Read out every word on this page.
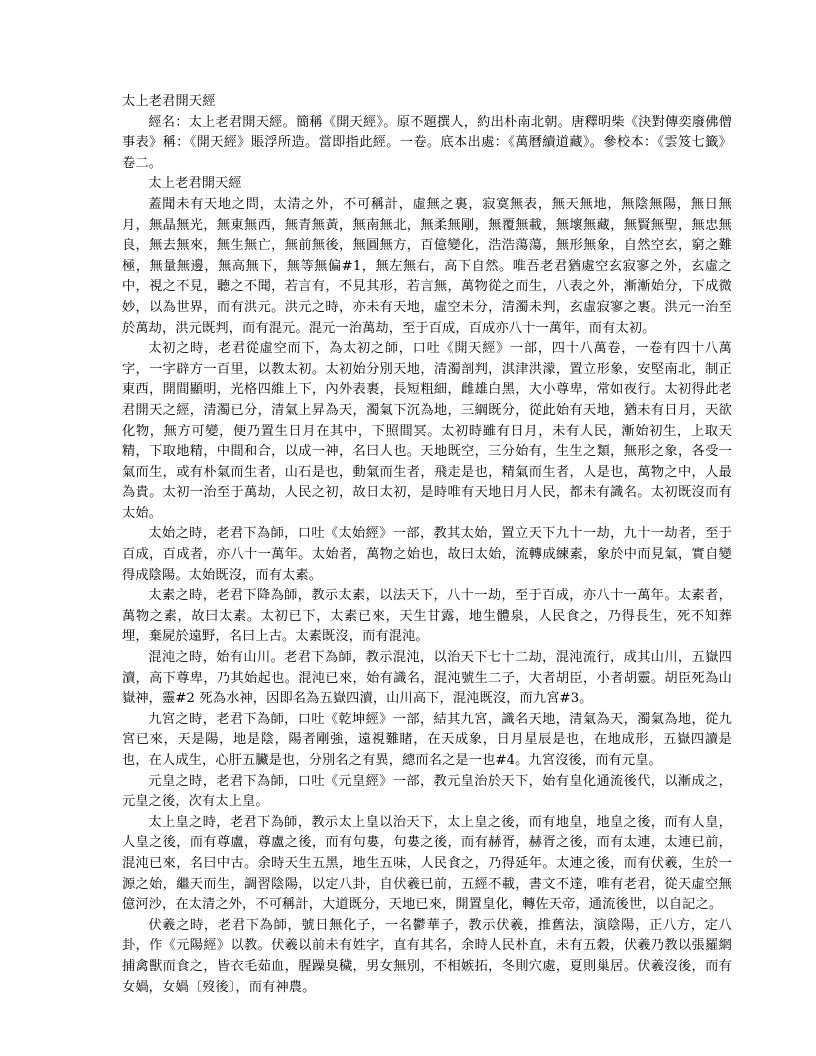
太上老君開天經

經名：太上老君開天經。簡稱《開天經》。原不題撰人，約出朴南北朝。唐釋明柴《決對傳奕廢佛僧事表》稱：《開天經》賬浮所造。當即指此經。一卷。底本出處：《萬曆續道藏》。參校本：《雲笈七籤》卷二。

太上老君開天經

蓋聞未有天地之問，太清之外，不可稱計，虛無之裏，寂寞無表，無天無地，無陰無陽，無日無月，無晶無光，無東無西，無青無黃，無南無北，無柔無剛，無覆無載，無壞無藏，無賢無聖，無忠無良，無去無來，無生無亡，無前無後，無圓無方，百億變化，浩浩蕩蕩，無形無象，自然空玄，窮之難極，無量無邊，無高無下，無等無偏#1，無左無右，高下自然。唯吾老君猶處空玄寂寥之外，玄虛之中，視之不見，聽之不聞，若言有，不見其形，若言無，萬物從之而生，八表之外，漸漸始分，下成微妙，以為世界，而有洪元。洪元之時，亦未有天地，虛空未分，清濁未判，玄虛寂寥之裹。洪元一治至於萬劫，洪元既判，而有混元。混元一治萬劫，至于百成，百成亦八十一萬年，而有太初。

太初之時，老君從虛空而下，為太初之師，口吐《開天經》一部，四十八萬卷，一卷有四十八萬字，一字辟方一百里，以教太初。太初始分別天地，清濁剖判，淇津洪濛，置立形象，安堅南北，制正東西，開間顯明，光格四維上下，內外表裹，長短粗細，雌雄白黑，大小尊卑，常如夜行。太初得此老君開天之經，清濁已分，清氣上昇為天，濁氣下沉為地，三綱既分，從此始有天地，猶未有日月，天欲化物，無方可變，便乃置生日月在其中，下照間冥。太初時雖有日月，未有人民，漸始初生，上取天精，下取地精，中間和合，以成一神，名曰人也。天地既空，三分始有，生生之類，無形之象，各受一氣而生，或有朴氣而生者，山石是也，動氣而生者，飛走是也，精氣而生者，人是也，萬物之中，人最為貴。太初一治至于萬劫，人民之初，故日太初，是時唯有天地日月人民，都未有識名。太初既沒而有太始。

太始之時，老君下為師，口吐《太始經》一部，教其太始，置立天下九十一劫，九十一劫者，至于百成，百成者，亦八十一萬年。太始者，萬物之始也，故曰太始，流轉成練素，象於中而見氣，實自變得成陰陽。太始既沒，而有太素。

太素之時，老君下降為師，教示太素，以法天下，八十一劫，至于百成，亦八十一萬年。太素者，萬物之素，故曰太素。太初已下，太素已來，天生甘露，地生體泉，人民食之，乃得長生，死不知葬埋，棄屍於遠野，名曰上古。太素既沒，而有混沌。

混沌之時，始有山川。老君下為師，教示混沌，以治天下七十二劫，混沌流行，成其山川，五嶽四瀆，高下尊卑，乃其始起也。混沌已來，始有識名，混沌號生二子，大者胡臣，小者胡靈。胡臣死為山嶽神，靈#2 死為水神，因即名為五嶽四瀆，山川高下，混沌既沒，而九宮#3。

九宮之時，老君下為師，口吐《乾坤經》一部，結其九宮，識名天地，清氣為天，濁氣為地，從九宮已來，天是陽，地是陰，陽者剛強，遠視難睹，在天成象，日月星辰是也，在地成形，五嶽四讀是也，在人成生，心肝五臟是也，分別名之有異，總而名之是一也#4。九宮沒後，而有元皇。

元皇之時，老君下為師，口吐《元皇經》一部，教元皇治於天下，始有皇化通流後代，以漸成之，元皇之後，次有太上皇。

太上皇之時，老君下為師，教示太上皇以治天下，太上皇之後，而有地皇，地皇之後，而有人皇，人皇之後，而有尊盧，尊盧之後，而有句婁，句婁之後，而有赫胥，赫胥之後，而有太連，太連已前，混沌已來，名曰中古。余時天生五黑，地生五味，人民食之，乃得延年。太連之後，而有伏羲，生於一源之始，繼天而生，調習陰陽，以定八卦，自伏羲已前，五經不載，書文不達，唯有老君，從天虛空無億河沙，在太清之外，不可稱計，大道既分，天地已來，開置皇化，轉佐天帝，通流後世，以自記之。

伏羲之時，老君下為師，號日無化子，一名鬱華子，教示伏羲，推舊法，演陰陽，正八方，定八卦，作《元陽經》以教。伏羲以前未有姓字，直有其名，余時人民朴直，未有五穀，伏羲乃教以張羅網捕禽獸而食之，皆衣毛茹血，腥躁臭穢，男女無別，不相嫉拓，冬則穴處，夏則巢居。伏羲沒後，而有女媧，女媧〔歿後〕，而有神農。
